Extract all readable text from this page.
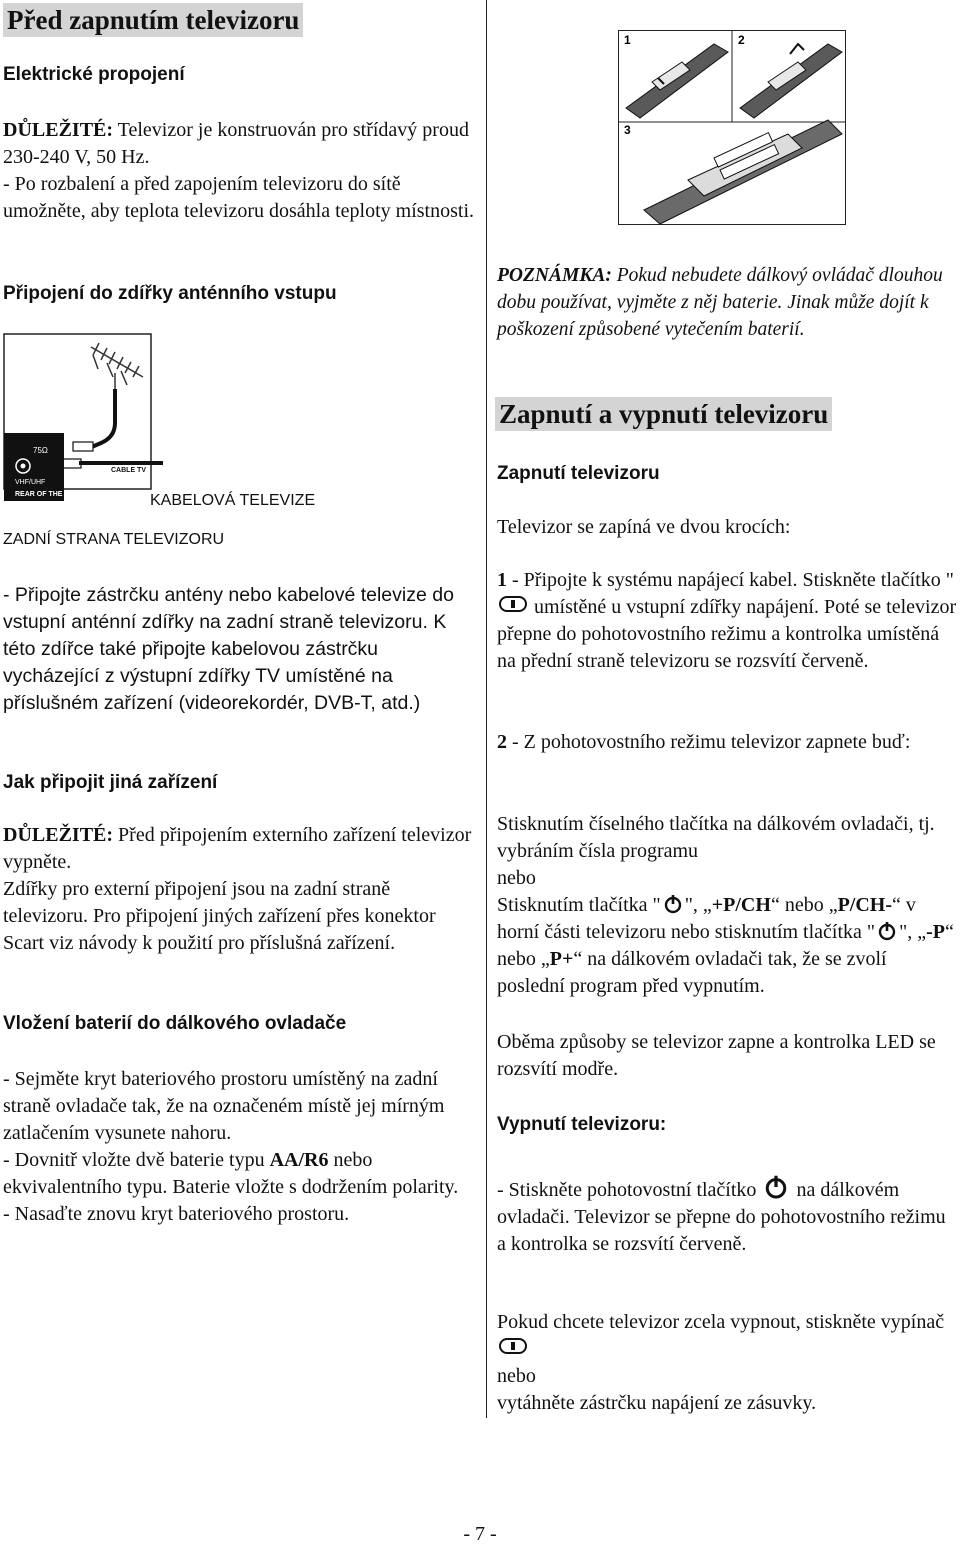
Před zapnutím televizoru
Elektrické propojení
DŮLEŽITÉ: Televizor je konstruován pro střídavý proud 230-240 V, 50 Hz.
- Po rozbalení a před zapojením televizoru do sítě umožněte, aby teplota televizoru dosáhla teploty místnosti.
Připojení do zdířky anténního vstupu
75Ω
VHF/UHF
REAR OF THE TV
CABLE TV
KABELOVÁ TELEVIZE
ZADNÍ STRANA TELEVIZORU
- Připojte zástrčku antény nebo kabelové televize do vstupní anténní zdířky na zadní straně televizoru. K této zdířce také připojte kabelovou zástrčku vycházející z výstupní zdířky TV umístěné na příslušném zařízení (videorekordér, DVB-T, atd.)
Jak připojit jiná zařízení
DŮLEŽITÉ: Před připojením externího zařízení televizor vypněte.
Zdířky pro externí připojení jsou na zadní straně televizoru. Pro připojení jiných zařízení přes konektor Scart viz návody k použití pro příslušná zařízení.
Vložení baterií do dálkového ovladače

- Sejměte kryt bateriového prostoru umístěný na zadní straně ovladače tak, že na označeném místě jej mírným zatlačením vysunete nahoru.

- Dovnitř vložte dvě baterie typu AA/R6 nebo ekvivalentního typu. Baterie vložte s dodržením polarity.

- Nasaďte znovu kryt bateriového prostoru.

1	2
3
POZNÁMKA: Pokud nebudete dálkový ovládač dlouhou dobu používat, vyjměte z něj baterie. Jinak může dojít k poškození způsobené vytečením baterií.
Zapnutí a vypnutí televizoru
Zapnutí televizoru
Televizor se zapíná ve dvou krocích:
1 - Připojte k systému napájecí kabel. Stiskněte tlačítko "  umístěné u vstupní zdířky napájení. Poté se televizor přepne do pohotovostního režimu a kontrolka umístěná na přední straně televizoru se rozsvítí červeně.
2 - Z pohotovostního režimu televizor zapnete buď:

Stisknutím číselného tlačítka na dálkovém ovladači, tj. vybráním čísla programu

nebo

Stisknutím tlačítka " ", „+P/CH“ nebo „P/CH-“ v horní části televizoru nebo stisknutím tlačítka " ", „-P“ nebo „P+“ na dálkovém ovladači tak, že se zvolí poslední program před vypnutím.

Oběma způsoby se televizor zapne a kontrolka LED se rozsvítí modře.
Vypnutí televizoru:
- Stiskněte pohotovostní tlačítko  na dálkovém ovladači. Televizor se přepne do pohotovostního režimu a kontrolka se rozsvítí červeně.

Pokud chcete televizor zcela vypnout, stiskněte vypínač

nebo

vytáhněte zástrčku napájení ze zásuvky.

- 7 -
